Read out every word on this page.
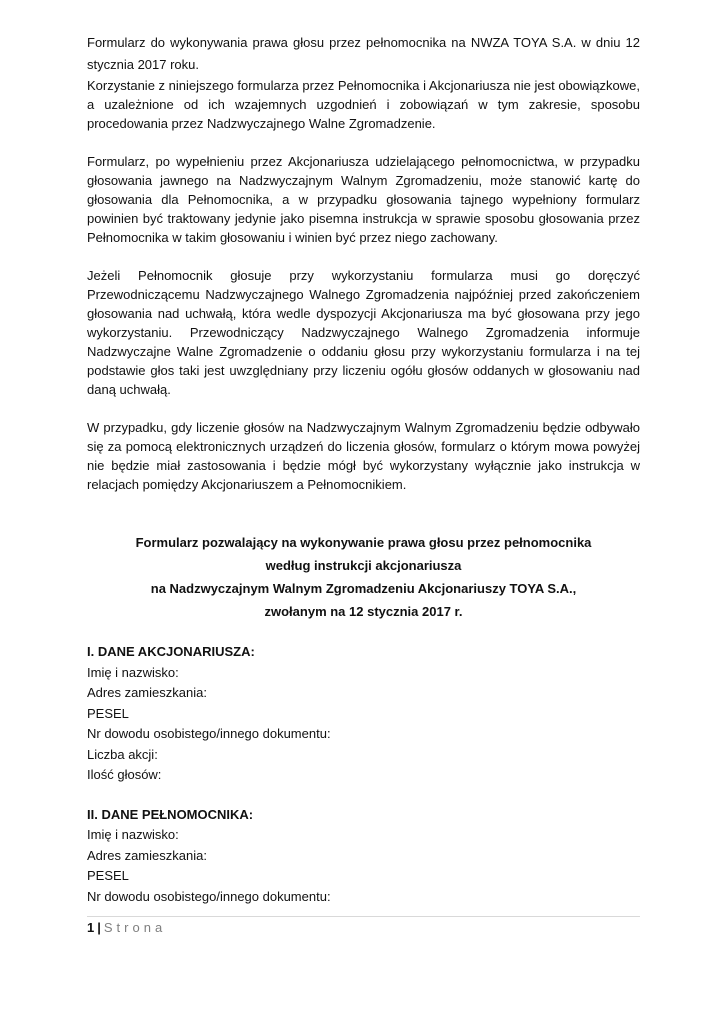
Formularz do wykonywania prawa głosu przez pełnomocnika na NWZA TOYA S.A. w dniu 12 stycznia 2017 roku.

Korzystanie z niniejszego formularza przez Pełnomocnika i Akcjonariusza nie jest obowiązkowe, a uzależnione od ich wzajemnych uzgodnień i zobowiązań w tym zakresie, sposobu procedowania przez Nadzwyczajnego Walne Zgromadzenie.

Formularz, po wypełnieniu przez Akcjonariusza udzielającego pełnomocnictwa, w przypadku głosowania jawnego na Nadzwyczajnym Walnym Zgromadzeniu, może stanowić kartę do głosowania dla Pełnomocnika, a w przypadku głosowania tajnego wypełniony formularz powinien być traktowany jedynie jako pisemna instrukcja w sprawie sposobu głosowania przez Pełnomocnika w takim głosowaniu i winien być przez niego zachowany.

Jeżeli Pełnomocnik głosuje przy wykorzystaniu formularza musi go doręczyć Przewodniczącemu Nadzwyczajnego Walnego Zgromadzenia najpóźniej przed zakończeniem głosowania nad uchwałą, która wedle dyspozycji Akcjonariusza ma być głosowana przy jego wykorzystaniu. Przewodniczący Nadzwyczajnego Walnego Zgromadzenia informuje Nadzwyczajne Walne Zgromadzenie o oddaniu głosu przy wykorzystaniu formularza i na tej podstawie głos taki jest uwzględniany przy liczeniu ogółu głosów oddanych w głosowaniu nad daną uchwałą.

W przypadku, gdy liczenie głosów na Nadzwyczajnym Walnym Zgromadzeniu będzie odbywało się za pomocą elektronicznych urządzeń do liczenia głosów, formularz o którym mowa powyżej nie będzie miał zastosowania i będzie mógł być wykorzystany wyłącznie jako instrukcja w relacjach pomiędzy Akcjonariuszem a Pełnomocnikiem.

Formularz pozwalający na wykonywanie prawa głosu przez pełnomocnika
według instrukcji akcjonariusza
na Nadzwyczajnym Walnym Zgromadzeniu Akcjonariuszy TOYA S.A.,
zwołanym na 12 stycznia 2017 r.

I. DANE AKCJONARIUSZA:

Imię i nazwisko:

Adres zamieszkania:

PESEL

Nr dowodu osobistego/innego dokumentu:

Liczba akcji:

Ilość głosów:

II. DANE PEŁNOMOCNIKA:

Imię i nazwisko:

Adres zamieszkania:

PESEL

Nr dowodu osobistego/innego dokumentu:

1 | Strona
